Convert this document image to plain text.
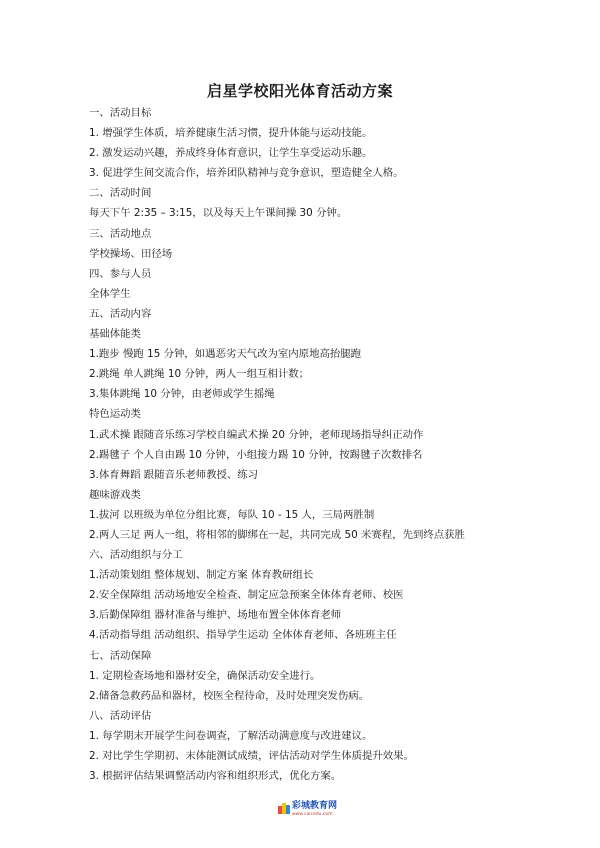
启星学校阳光体育活动方案

一、活动目标

1. 增强学生体质，培养健康生活习惯，提升体能与运动技能。

2. 激发运动兴趣，养成终身体育意识，让学生享受运动乐趣。

3. 促进学生间交流合作，培养团队精神与竞争意识，塑造健全人格。

二、活动时间

每天下午 2:35 – 3:15，以及每天上午课间操 30 分钟。

三、活动地点

学校操场、田径场

四、参与人员

全体学生

五、活动内容

基础体能类

1.跑步 慢跑 15 分钟，如遇恶劣天气改为室内原地高抬腿跑

2.跳绳 单人跳绳 10 分钟，两人一组互相计数；

3.集体跳绳 10 分钟，由老师或学生摇绳

特色运动类

1.武术操 跟随音乐练习学校自编武术操 20 分钟，老师现场指导纠正动作

2.踢毽子 个人自由踢 10 分钟，小组接力踢 10 分钟，按踢毽子次数排名

3.体育舞蹈 跟随音乐老师教授、练习

趣味游戏类

1.拔河 以班级为单位分组比赛，每队 10 - 15 人，三局两胜制

2.两人三足 两人一组，将相邻的脚绑在一起，共同完成 50 米赛程，先到终点获胜

六、活动组织与分工

1.活动策划组 整体规划、制定方案 体育教研组长

2.安全保障组 活动场地安全检查、制定应急预案全体体育老师、校医

3.后勤保障组 器材准备与维护、场地布置全体体育老师

4.活动指导组 活动组织、指导学生运动 全体体育老师、各班班主任

七、活动保障

1. 定期检查场地和器材安全，确保活动安全进行。

2.储备急救药品和器材，校医全程待命，及时处理突发伤病。

八、活动评估

1. 每学期末开展学生问卷调查，了解活动满意度与改进建议。

2. 对比学生学期初、末体能测试成绩，评估活动对学生体质提升效果。

3. 根据评估结果调整活动内容和组织形式，优化方案。

彩城教育网
www.caicedu.com
